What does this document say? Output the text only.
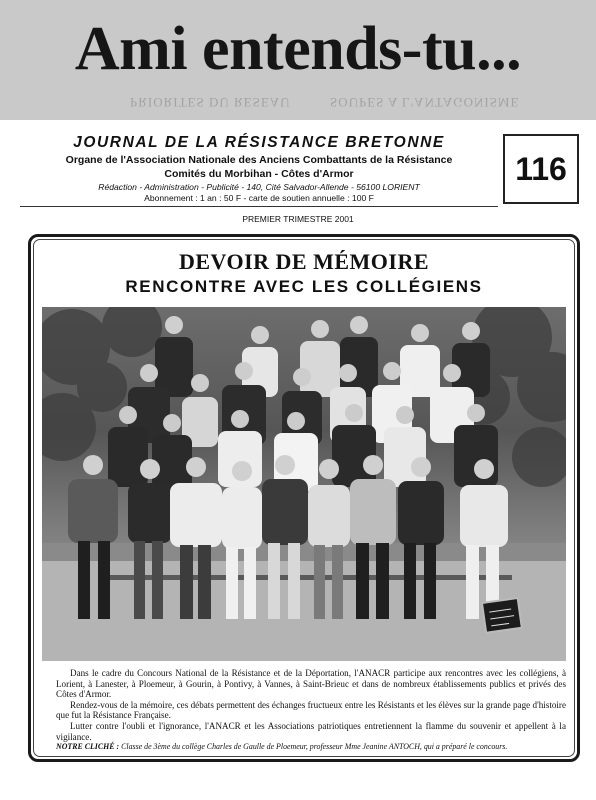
SOUPES A L'ANTAGONISME
PRIORITES DU RESEAU
Ami entends-tu...
JOURNAL DE LA RÉSISTANCE BRETONNE
Organe de l'Association Nationale des Anciens Combattants de la Résistance
Comités du Morbihan - Côtes d'Armor
Rédaction - Administration - Publicité - 140, Cité Salvador-Allende - 56100 LORIENT
Abonnement : 1 an : 50 F - carte de soutien annuelle : 100 F
116
PREMIER TRIMESTRE 2001
DEVOIR DE MÉMOIRE
RENCONTRE AVEC LES COLLÉGIENS

Dans le cadre du Concours National de la Résistance et de la Déportation, l'ANACR participe aux rencontres avec les collégiens, à Lorient, à Lanester, à Ploemeur, à Gourin, à Pontivy, à Vannes, à Saint-Brieuc et dans de nombreux établissements publics et privés des Côtes d'Armor.

Rendez-vous de la mémoire, ces débats permettent des échanges fructueux entre les Résistants et les élèves sur la grande page d'histoire que fut la Résistance Française.

Lutter contre l'oubli et l'ignorance, l'ANACR et les Associations patriotiques entretiennent la flamme du souvenir et appellent à la vigilance.

NOTRE CLICHÉ : Classe de 3ème du collège Charles de Gaulle de Ploemeur, professeur Mme Jeanine ANTOCH, qui a préparé le concours.
